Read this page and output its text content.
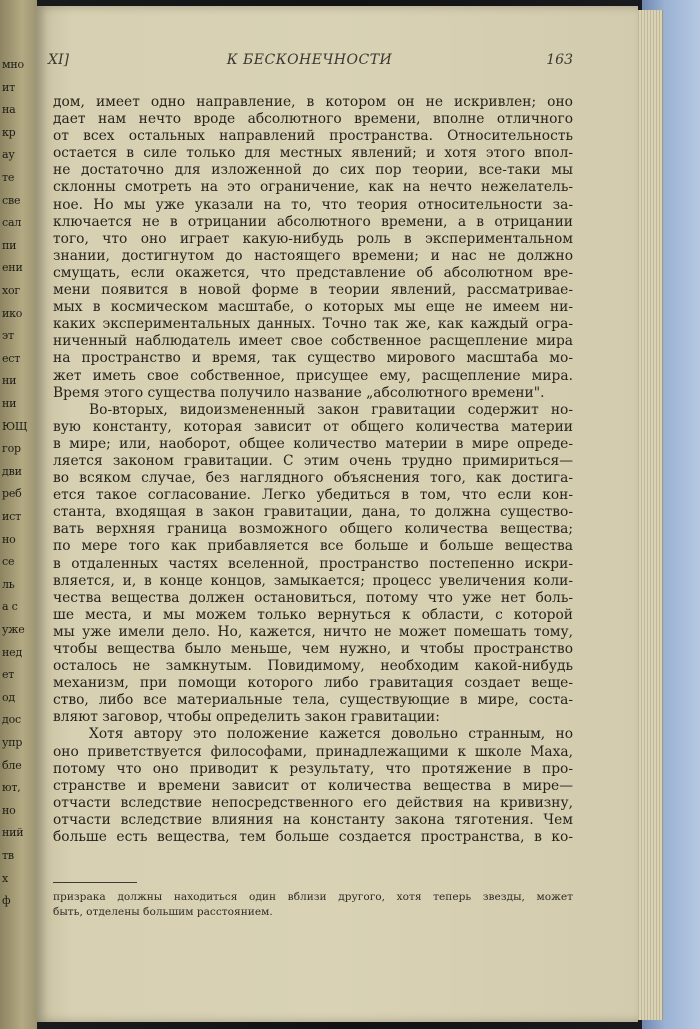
мно
ит
на
кр
ау
те
све
сал
пи
ени
хог
ико
эт
ест
ни
ни
ЮЩ
гор
дви
реб
ист
но
се
ль
а с
уже
нед
ет
од
дос
упр
бле
ют,
но
ний
тв
х
ф
XI]	К БЕСКОНЕЧНОСТИ	163
дом, имеет одно направление, в котором он не искривлен; оно
дает нам нечто вроде абсолютного времени, вполне отличного
от всех остальных направлений пространства. Относительность
остается в силе только для местных явлений; и хотя этого впол-
не достаточно для изложенной до сих пор теории, все-таки мы
склонны смотреть на это ограничение, как на нечто нежелатель-
ное. Но мы уже указали на то, что теория относительности за-
ключается не в отрицании абсолютного времени, а в отрицании
того, что оно играет какую-нибудь роль в экспериментальном
знании, достигнутом до настоящего времени; и нас не должно
смущать, если окажется, что представление об абсолютном вре-
мени появится в новой форме в теории явлений, рассматривае-
мых в космическом масштабе, о которых мы еще не имеем ни-
каких экспериментальных данных. Точно так же, как каждый огра-
ниченный наблюдатель имеет свое собственное расщепление мира
на пространство и время, так существо мирового масштаба мо-
жет иметь свое собственное, присущее ему, расщепление мира.
Время этого существа получило название „абсолютного времени".
Во-вторых, видоизмененный закон гравитации содержит но-
вую константу, которая зависит от общего количества материи
в мире; или, наоборот, общее количество материи в мире опреде-
ляется законом гравитации. С этим очень трудно примириться—
во всяком случае, без наглядного объяснения того, как достига-
ется такое согласование. Легко убедиться в том, что если кон-
станта, входящая в закон гравитации, дана, то должна существо-
вать верхняя граница возможного общего количества вещества;
по мере того как прибавляется все больше и больше вещества
в отдаленных частях вселенной, пространство постепенно искри-
вляется, и, в конце концов, замыкается; процесс увеличения коли-
чества вещества должен остановиться, потому что уже нет боль-
ше места, и мы можем только вернуться к области, с которой
мы уже имели дело. Но, кажется, ничто не может помешать тому,
чтобы вещества было меньше, чем нужно, и чтобы пространство
осталось не замкнутым. Повидимому, необходим какой-нибудь
механизм, при помощи которого либо гравитация создает веще-
ство, либо все материальные тела, существующие в мире, соста-
вляют заговор, чтобы определить закон гравитации:
Хотя автору это положение кажется довольно странным, но
оно приветствуется философами, принадлежащими к школе Маха,
потому что оно приводит к результату, что протяжение в про-
странстве и времени зависит от количества вещества в мире—
отчасти вследствие непосредственного его действия на кривизну,
отчасти вследствие влияния на константу закона тяготения. Чем
больше есть вещества, тем больше создается пространства, в ко-
призрака должны находиться один вблизи другого, хотя теперь звезды, может
быть, отделены большим расстоянием.
